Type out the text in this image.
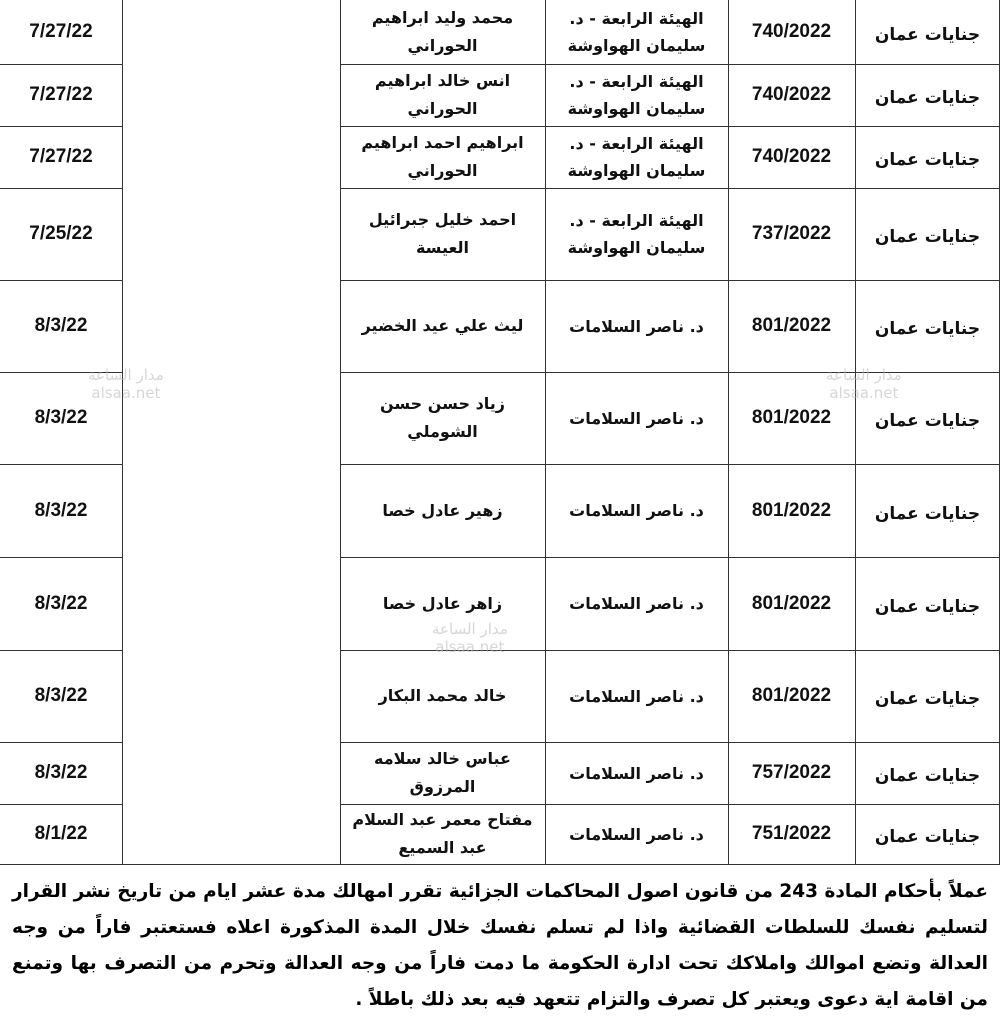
جنايات عمان
740/2022
الهيئة الرابعة - د. سليمان الهواوشة
محمد وليد ابراهيم الحوراني
7/27/22
جنايات عمان
740/2022
الهيئة الرابعة - د. سليمان الهواوشة
انس خالد ابراهيم الحوراني
7/27/22
جنايات عمان
740/2022
الهيئة الرابعة - د. سليمان الهواوشة
ابراهيم احمد ابراهيم الحوراني
7/27/22
جنايات عمان
737/2022
الهيئة الرابعة - د. سليمان الهواوشة
احمد خليل جبرائيل العيسة
7/25/22
جنايات عمان
801/2022
د. ناصر السلامات
ليث علي عيد الخضير
8/3/22
جنايات عمان
801/2022
د. ناصر السلامات
زياد حسن حسن الشوملي
8/3/22
جنايات عمان
801/2022
د. ناصر السلامات
زهير عادل خصا
8/3/22
جنايات عمان
801/2022
د. ناصر السلامات
زاهر عادل خصا
8/3/22
جنايات عمان
801/2022
د. ناصر السلامات
خالد محمد البكار
8/3/22
جنايات عمان
757/2022
د. ناصر السلامات
عباس خالد سلامه المرزوق
8/3/22
جنايات عمان
751/2022
د. ناصر السلامات
مفتاح معمر عبد السلام عبد السميع
8/1/22
عملاً بأحكام المادة 243 من قانون اصول المحاكمات الجزائية تقرر امهالك مدة عشر ايام من تاريخ نشر القرار لتسليم نفسك للسلطات القضائية واذا لم تسلم نفسك خلال المدة المذكورة اعلاه فستعتبر فاراً من وجه العدالة وتضع اموالك واملاكك تحت ادارة الحكومة ما دمت فاراً من وجه العدالة وتحرم من التصرف بها وتمنع من اقامة اية دعوى ويعتبر كل تصرف والتزام تتعهد فيه بعد ذلك باطلاً .
مدار الساعة
alsaa.net
مدار الساعة
alsaa.net
مدار الساعة
alsaa.net
